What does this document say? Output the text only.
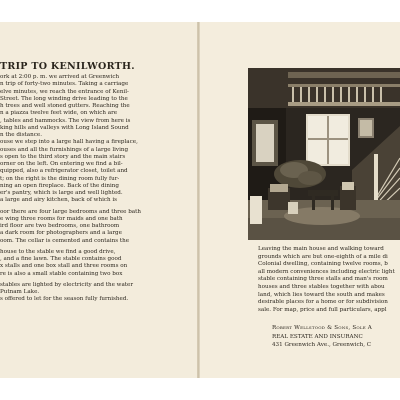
TRIP TO KENILWORTH.
ork at 2:00 p. m. we arrived at Greenwich
n trip of forty-two minutes. Taking a carriage
elve minutes, we reach the entrance of Kenil-
Street. The long winding drive leading to the
h trees and well stoned gutters. Reaching the
n a piazza twelve feet wide, on which are
, tables and hammocks. The view from here is
king hills and valleys with Long Island Sound
n the distance.
ouse we step into a large hall having a fireplace,
ouses and all the furnishings of a large living
s open to the third story and the main stairs
orner on the left. On entering we find a bil-
quipped, also a refrigerator closet, toilet and
t; on the right is the dining room fully fur-
ning an open fireplace. Back of the dining
er's pantry, which is large and well lighted.
a large and airy kitchen, back of which is
oor there are four large bedrooms and three bath
e wing three rooms for maids and one bath
ird floor are two bedrooms, one bathroom
a dark room for photographers and a large
oom. The cellar is cemented and contains the
house to the stable we find a good drive,
, and a fine lawn. The stable contains good
x stalls and one box stall and three rooms on
re is also a small stable containing two box
stables are lighted by electricity and the water
Putnam Lake.
s offered to let for the season fully furnished.
Leaving the main house and walking toward
grounds which are but one-eighth of a mile di
Colonial dwelling, containing twelve rooms, b
all modern conveniences including electric light
stable containing three stalls and man's room
houses and three stables together with abou
land, which lies toward the south and makes
desirable places for a home or for subdivision
sale. For map, price and full particulars, appl
Robert Wellstood & Sons, Sole A
REAL ESTATE AND INSURANC
431 Greenwich Ave., Greenwich, C
